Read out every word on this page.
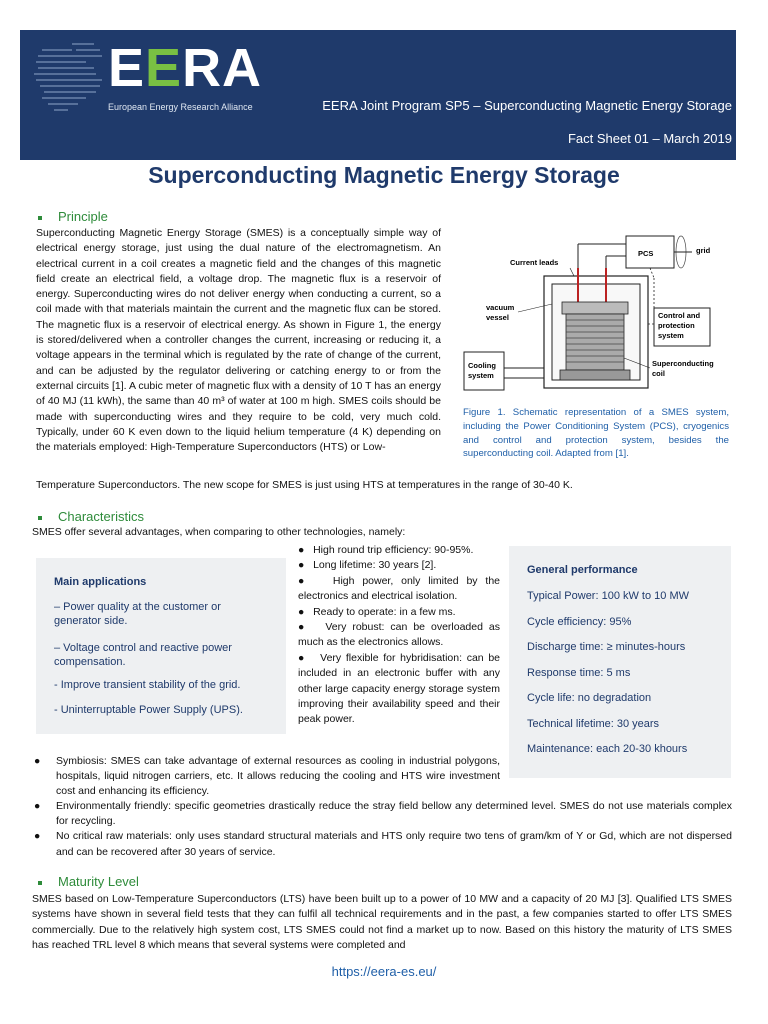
EERA
European Energy Research Alliance	EERA Joint Program SP5 – Superconducting Magnetic Energy Storage
Fact Sheet 01 – March 2019
Superconducting Magnetic Energy Storage
Principle
Superconducting Magnetic Energy Storage (SMES) is a conceptually simple way of electrical energy storage, just using the dual nature of the electromagnetism. An electrical current in a coil creates a magnetic field and the changes of this magnetic field create an electrical field, a voltage drop. The magnetic flux is a reservoir of energy. Superconducting wires do not deliver energy when conducting a current, so a coil made with that materials maintain the current and the magnetic flux can be stored. The magnetic flux is a reservoir of electrical energy. As shown in Figure 1, the energy is stored/delivered when a controller changes the current, increasing or reducing it, a voltage appears in the terminal which is regulated by the rate of change of the current, and can be adjusted by the regulator delivering or catching energy to or from the external circuits [1]. A cubic meter of magnetic flux with a density of 10 T has an energy of 40 MJ (11 kWh), the same than 40 m³ of water at 100 m high. SMES coils should be made with superconducting wires and they require to be cold, very much cold. Typically, under 60 K even down to the liquid helium temperature (4 K) depending on the materials employed: High-Temperature Superconductors (HTS) or Low-
Temperature Superconductors. The new scope for SMES is just using HTS at temperatures in the range of 30-40 K.
PCS	grid
Current leads
vacuum
vessel	Control and
protection
system
Cooling
system
Superconducting
coil
Figure 1. Schematic representation of a SMES system, including the Power Conditioning System (PCS), cryogenics and control and protection system, besides the superconducting coil. Adapted from [1].
Characteristics
SMES offer several advantages, when comparing to other technologies, namely:
Main applications
– Power quality at the customer or generator side.
– Voltage control and reactive power compensation.
- Improve transient stability of the grid.
- Uninterruptable Power Supply (UPS).
●   High round trip efficiency: 90-95%.
●   Long lifetime: 30 years [2].
●   High power, only limited by the electronics and electrical isolation.
●   Ready to operate: in a few ms.
●   Very robust: can be overloaded as much as the electronics allows.
●   Very flexible for hybridisation: can be included in an electronic buffer with any other large capacity energy storage system improving their availability speed and their peak power.
General performance
Typical Power: 100 kW to 10 MW
Cycle efficiency: 95%
Discharge time: ≥ minutes-hours
Response time: 5 ms
Cycle life: no degradation
Technical lifetime: 30 years
Maintenance: each 20-30 khours
● Symbiosis: SMES can take advantage of external resources as cooling in industrial polygons, hospitals, liquid nitrogen carriers, etc. It allows reducing the cooling and HTS wire investment cost and enhancing its efficiency.
● Environmentally friendly: specific geometries drastically reduce the stray field bellow any determined level. SMES do not use materials complex for recycling.
● No critical raw materials: only uses standard structural materials and HTS only require two tens of gram/km of Y or Gd, which are not dispersed and can be recovered after 30 years of service.
Maturity Level
SMES based on Low-Temperature Superconductors (LTS) have been built up to a power of 10 MW and a capacity of 20 MJ [3]. Qualified LTS SMES systems have shown in several field tests that they can fulfil all technical requirements and in the past, a few companies started to offer LTS SMES commercially. Due to the relatively high system cost, LTS SMES could not find a market up to now. Based on this history the maturity of LTS SMES has reached TRL level 8 which means that several systems were completed and
https://eera-es.eu/
